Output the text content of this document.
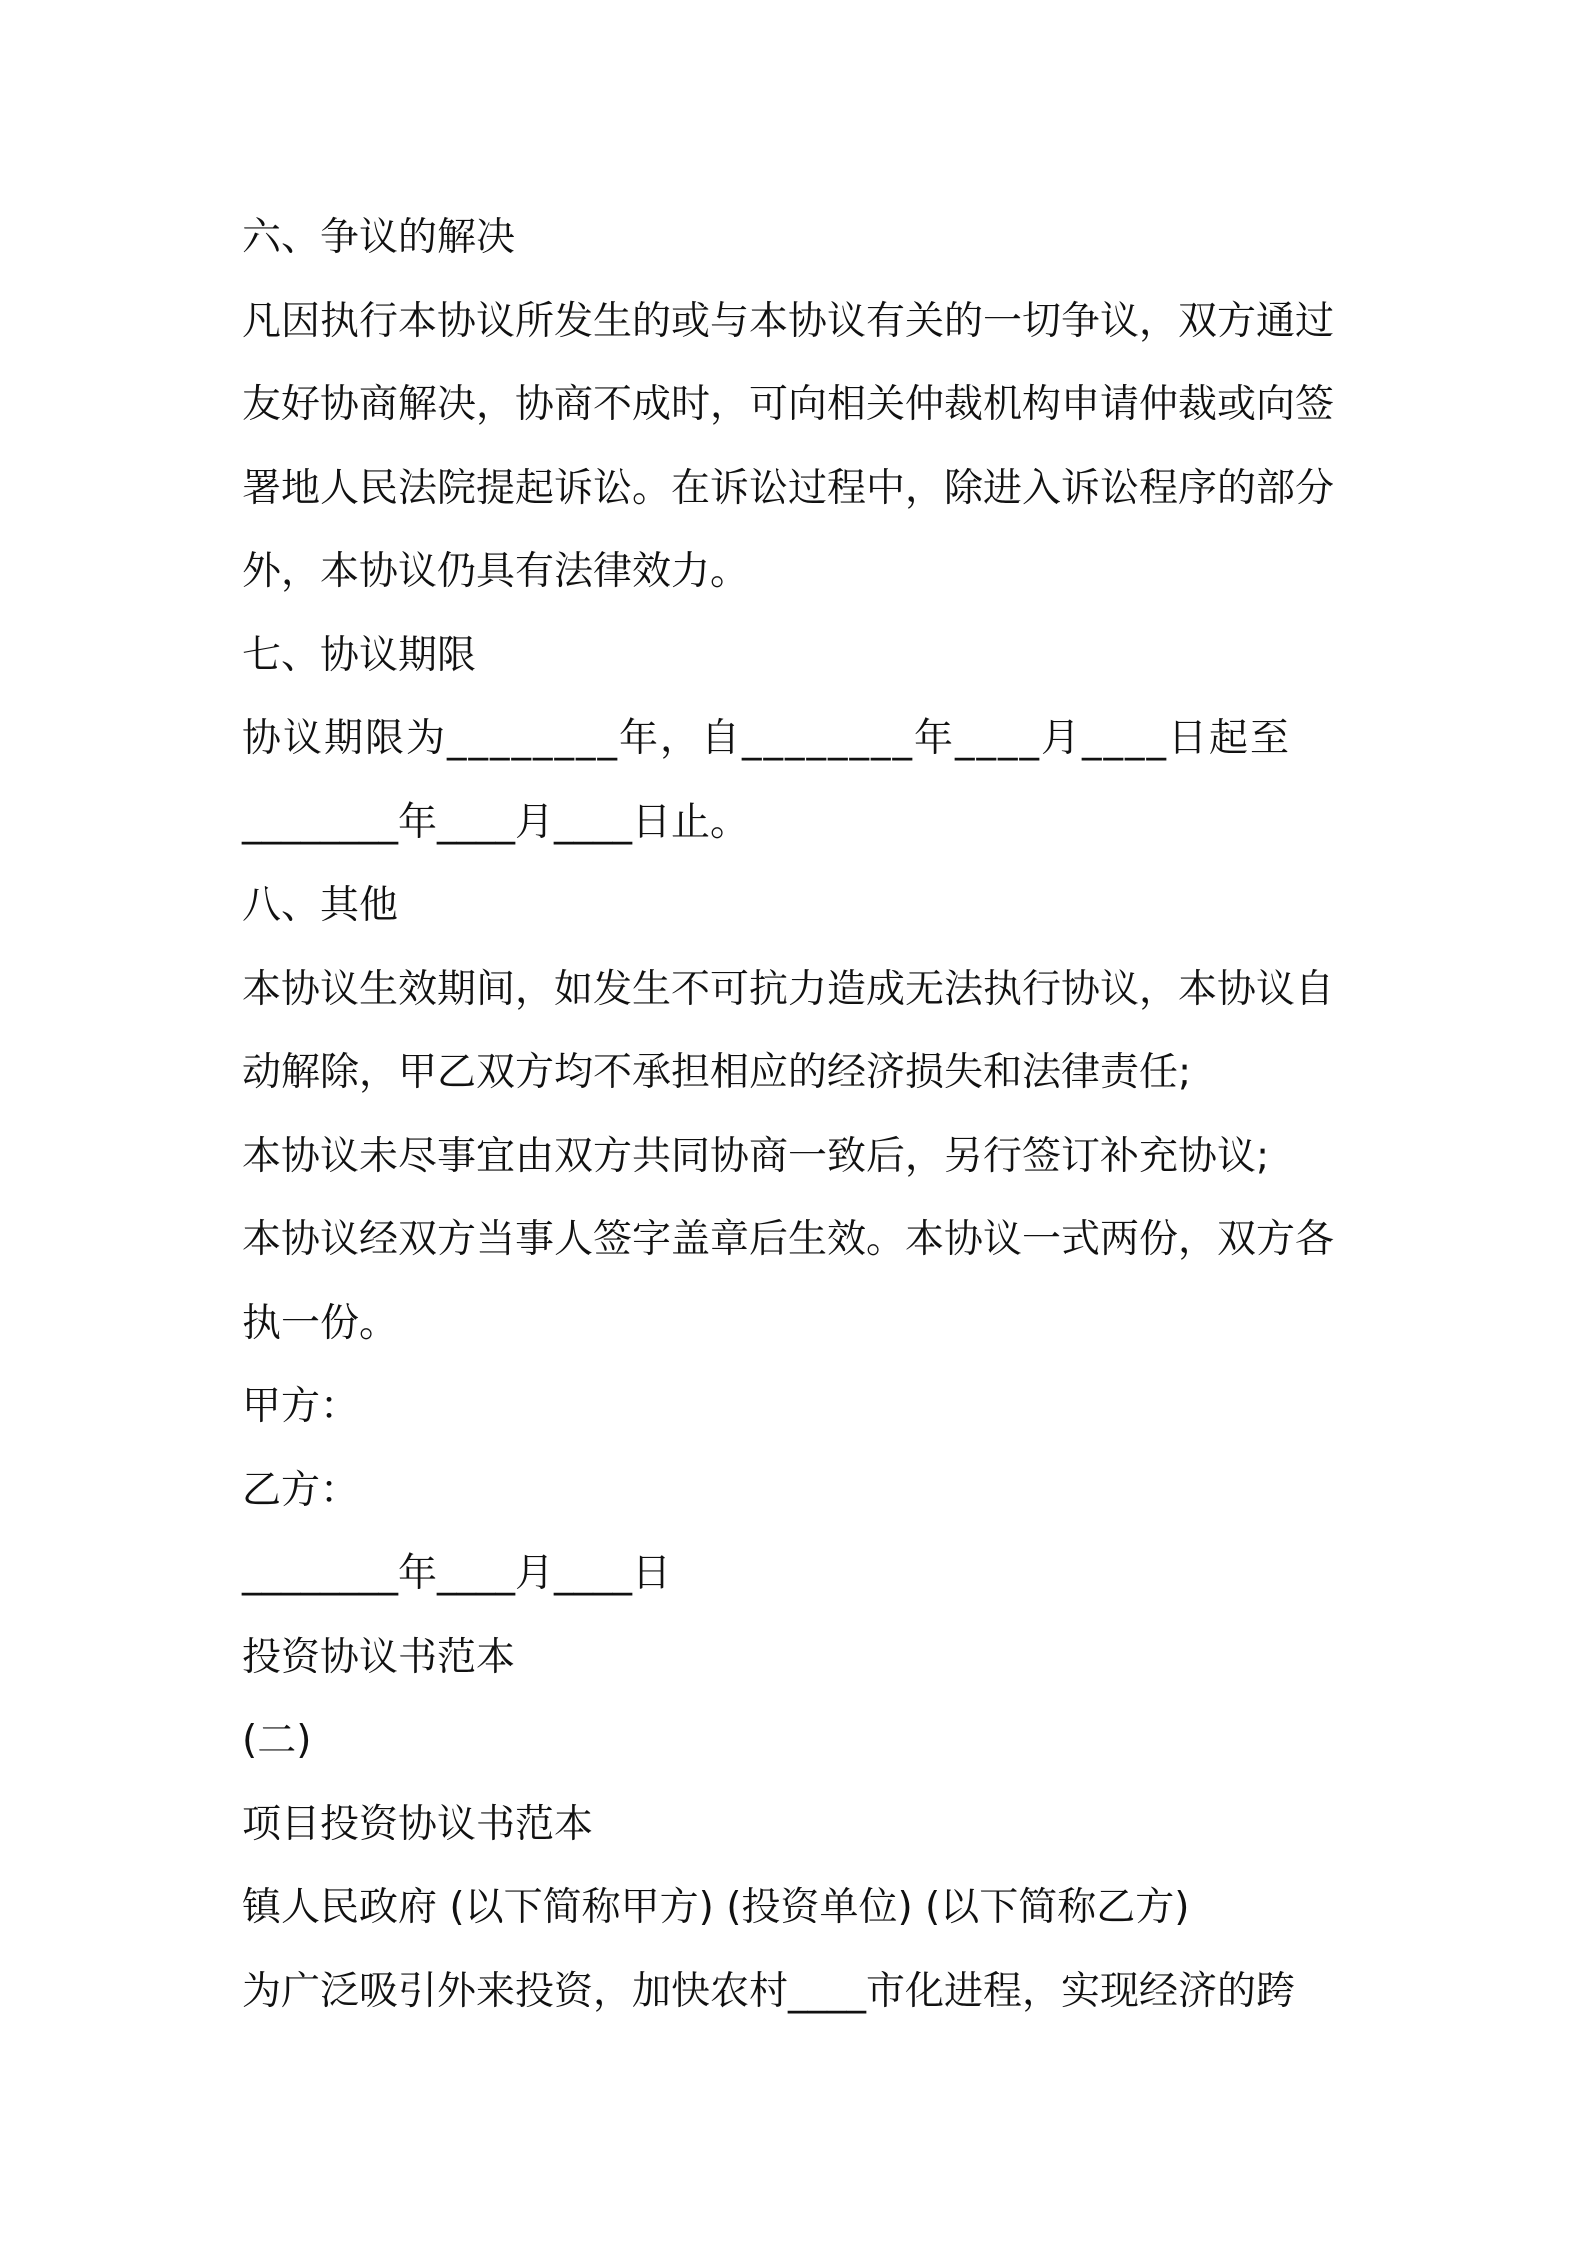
六、争议的解决
凡因执行本协议所发生的或与本协议有关的一切争议，双方通过
友好协商解决，协商不成时，可向相关仲裁机构申请仲裁或向签
署地人民法院提起诉讼。在诉讼过程中，除进入诉讼程序的部分
外，本协议仍具有法律效力。
七、协议期限
协议期限为________年，自________年____月____日起至
________年____月____日止。
八、其他
本协议生效期间，如发生不可抗力造成无法执行协议，本协议自
动解除，甲乙双方均不承担相应的经济损失和法律责任;
本协议未尽事宜由双方共同协商一致后，另行签订补充协议;
本协议经双方当事人签字盖章后生效。本协议一式两份，双方各
执一份。
甲方：
乙方：
________年____月____日
投资协议书范本
(二)
项目投资协议书范本
镇人民政府 (以下简称甲方) (投资单位) (以下简称乙方)
为广泛吸引外来投资，加快农村____市化进程，实现经济的跨
